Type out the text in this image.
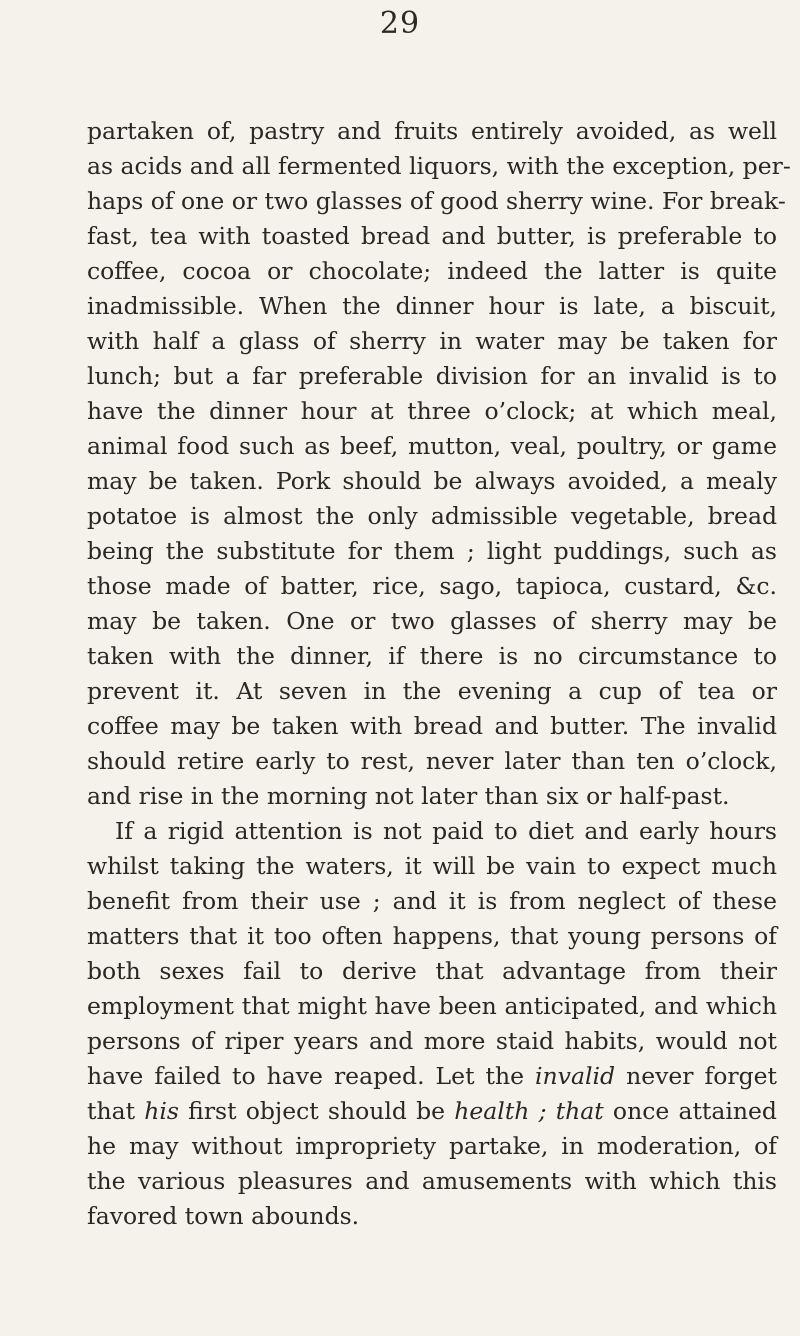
29
partaken of, pastry and fruits entirely avoided, as well
as acids and all fermented liquors, with the exception, per-
haps of one or two glasses of good sherry wine. For break-
fast, tea with toasted bread and butter, is preferable to
coffee, cocoa or chocolate; indeed the latter is quite
inadmissible. When the dinner hour is late, a biscuit,
with half a glass of sherry in water may be taken for
lunch; but a far preferable division for an invalid is to
have the dinner hour at three o’clock; at which meal,
animal food such as beef, mutton, veal, poultry, or game
may be taken. Pork should be always avoided, a mealy
potatoe is almost the only admissible vegetable, bread
being the substitute for them ; light puddings, such as
those made of batter, rice, sago, tapioca, custard, &c.
may be taken. One or two glasses of sherry may be
taken with the dinner, if there is no circumstance to
prevent it. At seven in the evening a cup of tea or
coffee may be taken with bread and butter. The invalid
should retire early to rest, never later than ten o’clock,
and rise in the morning not later than six or half-past.
If a rigid attention is not paid to diet and early hours
whilst taking the waters, it will be vain to expect much
benefit from their use ; and it is from neglect of these
matters that it too often happens, that young persons of
both sexes fail to derive that advantage from their
employment that might have been anticipated, and which
persons of riper years and more staid habits, would not
have failed to have reaped. Let the invalid never forget
that his first object should be health ; that once attained
he may without impropriety partake, in moderation, of
the various pleasures and amusements with which this
favored town abounds.
